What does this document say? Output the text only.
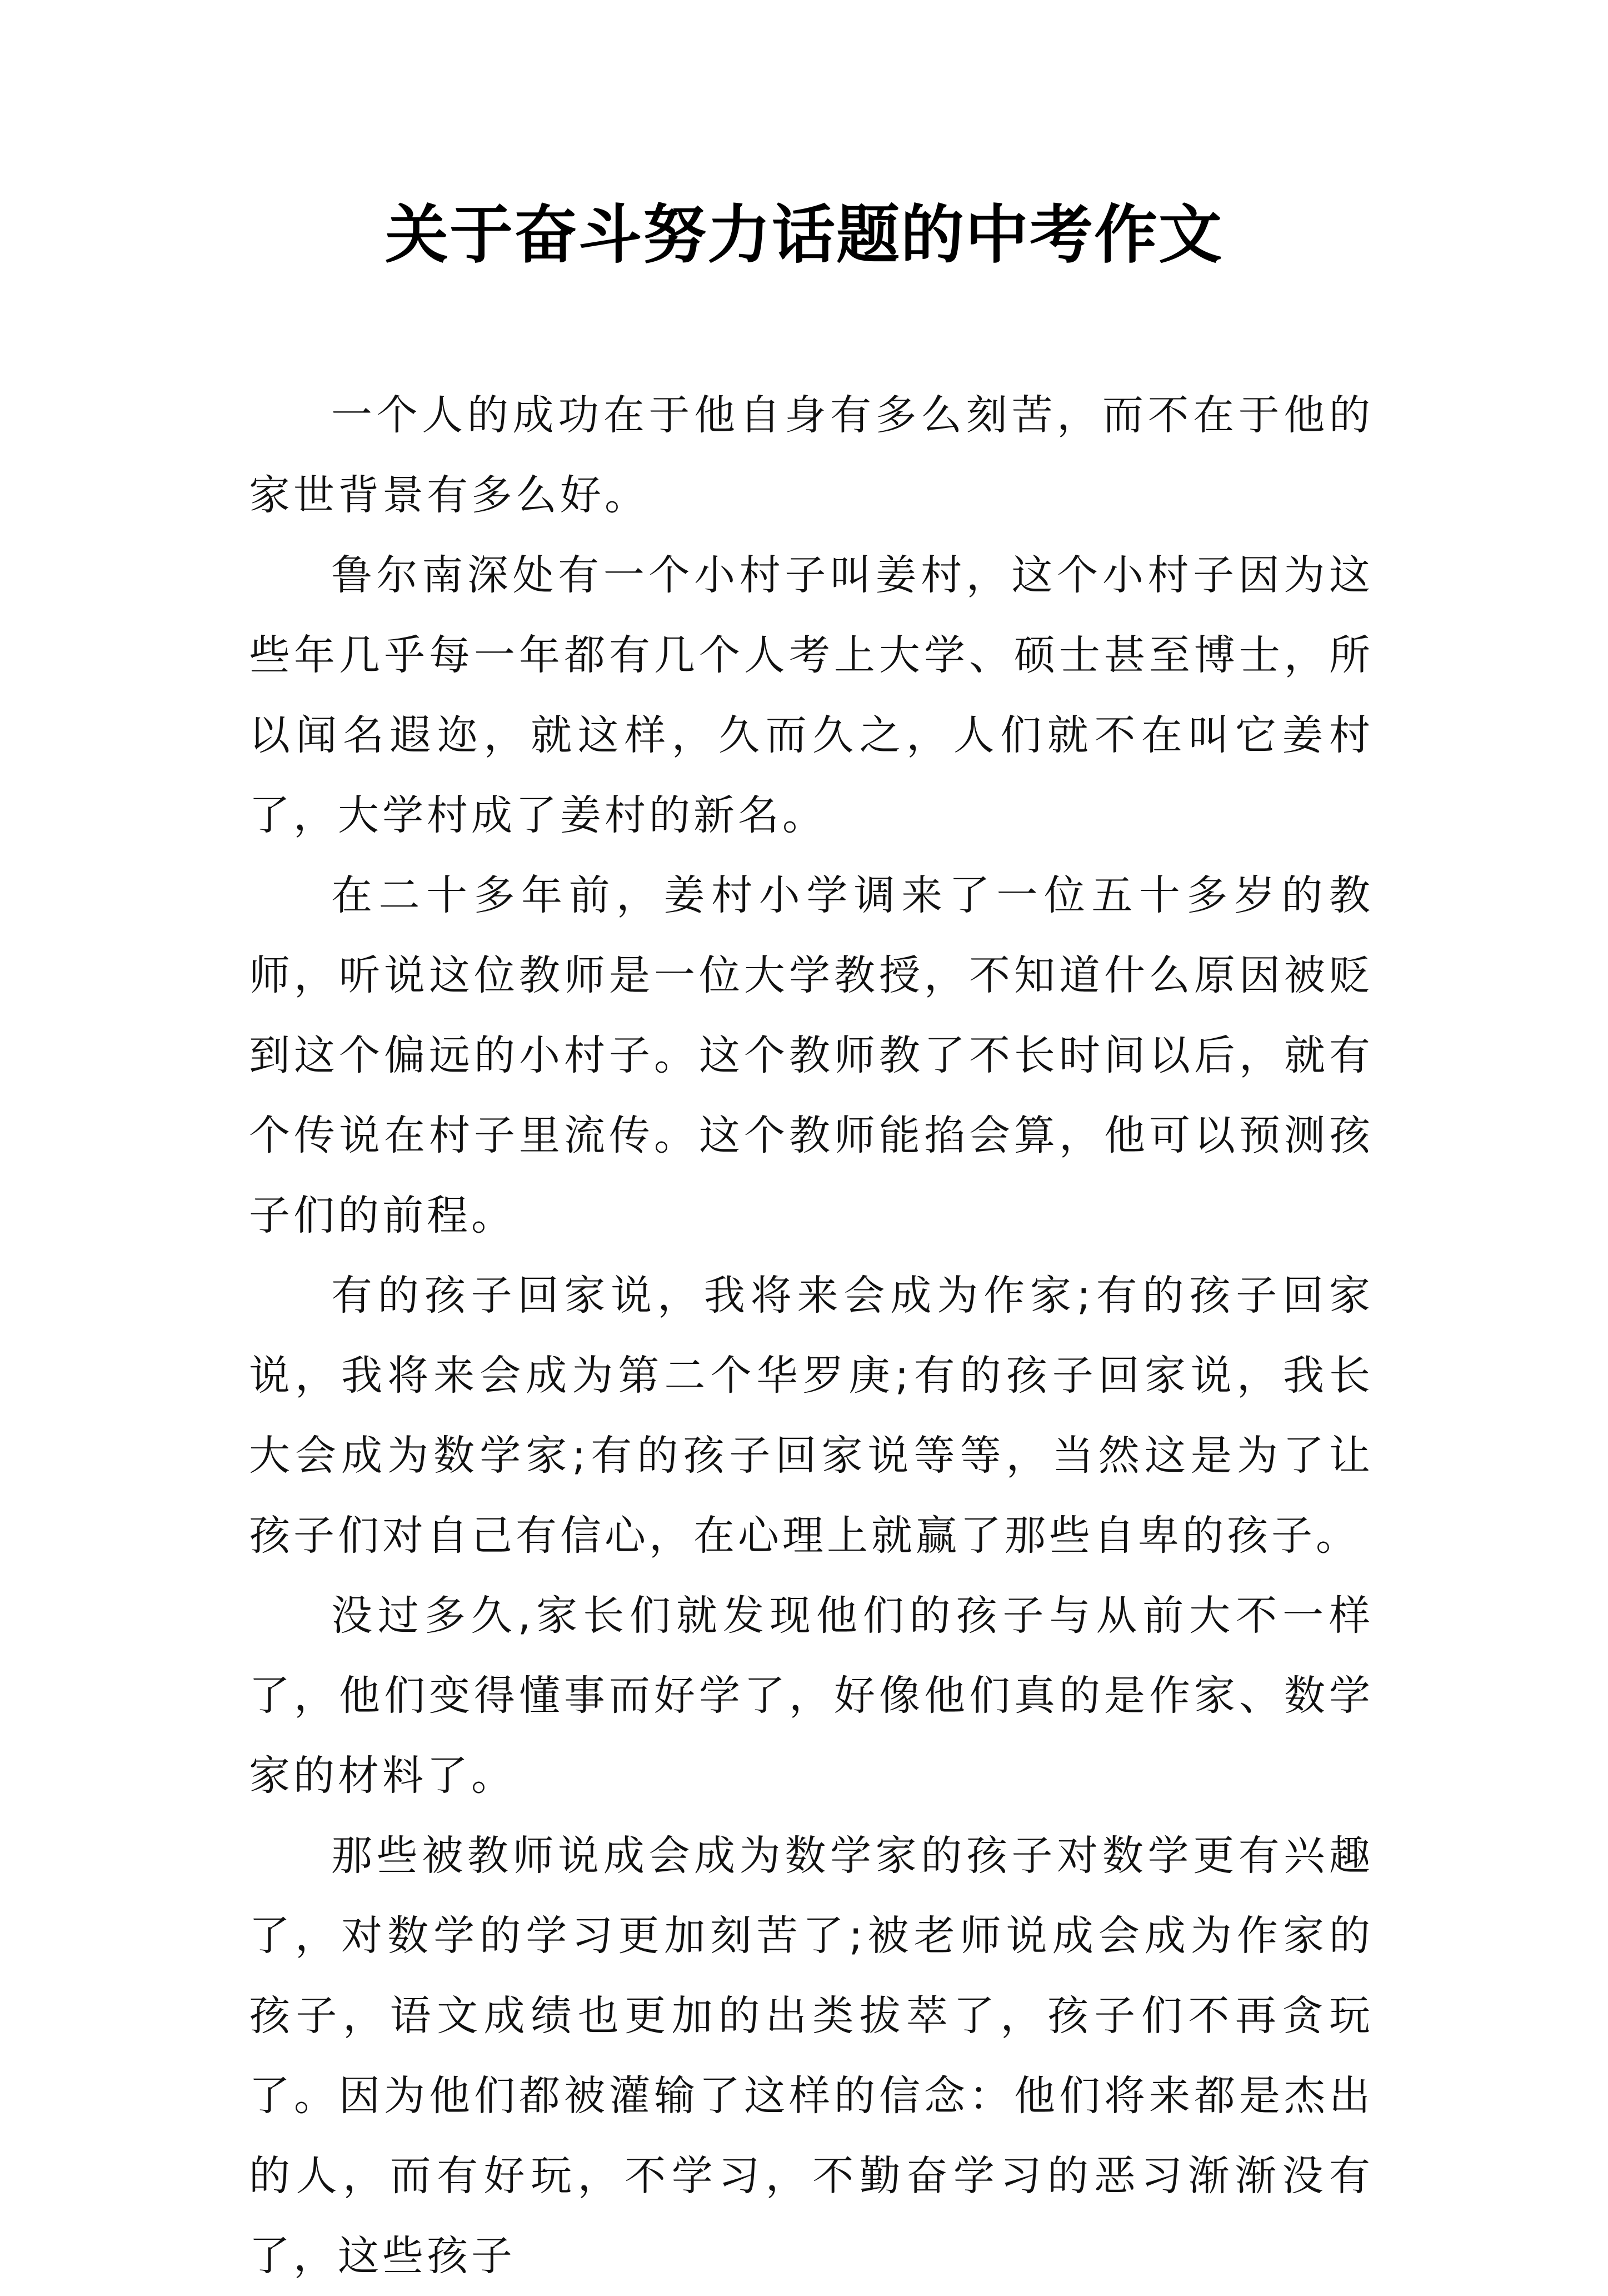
关于奋斗努力话题的中考作文

一个人的成功在于他自身有多么刻苦，而不在于他的家世背景有多么好。

鲁尔南深处有一个小村子叫姜村，这个小村子因为这些年几乎每一年都有几个人考上大学、硕士甚至博士，所以闻名遐迩，就这样，久而久之，人们就不在叫它姜村了，大学村成了姜村的新名。

在二十多年前，姜村小学调来了一位五十多岁的教师，听说这位教师是一位大学教授，不知道什么原因被贬到这个偏远的小村子。这个教师教了不长时间以后，就有个传说在村子里流传。这个教师能掐会算，他可以预测孩子们的前程。

有的孩子回家说，我将来会成为作家;有的孩子回家说，我将来会成为第二个华罗庚;有的孩子回家说，我长大会成为数学家;有的孩子回家说等等，当然这是为了让孩子们对自己有信心，在心理上就赢了那些自卑的孩子。

没过多久,家长们就发现他们的孩子与从前大不一样了，他们变得懂事而好学了，好像他们真的是作家、数学家的材料了。

那些被教师说成会成为数学家的孩子对数学更有兴趣了，对数学的学习更加刻苦了;被老师说成会成为作家的孩子，语文成绩也更加的出类拔萃了，孩子们不再贪玩了。因为他们都被灌输了这样的信念：他们将来都是杰出的人，而有好玩，不学习，不勤奋学习的恶习渐渐没有了，这些孩子
